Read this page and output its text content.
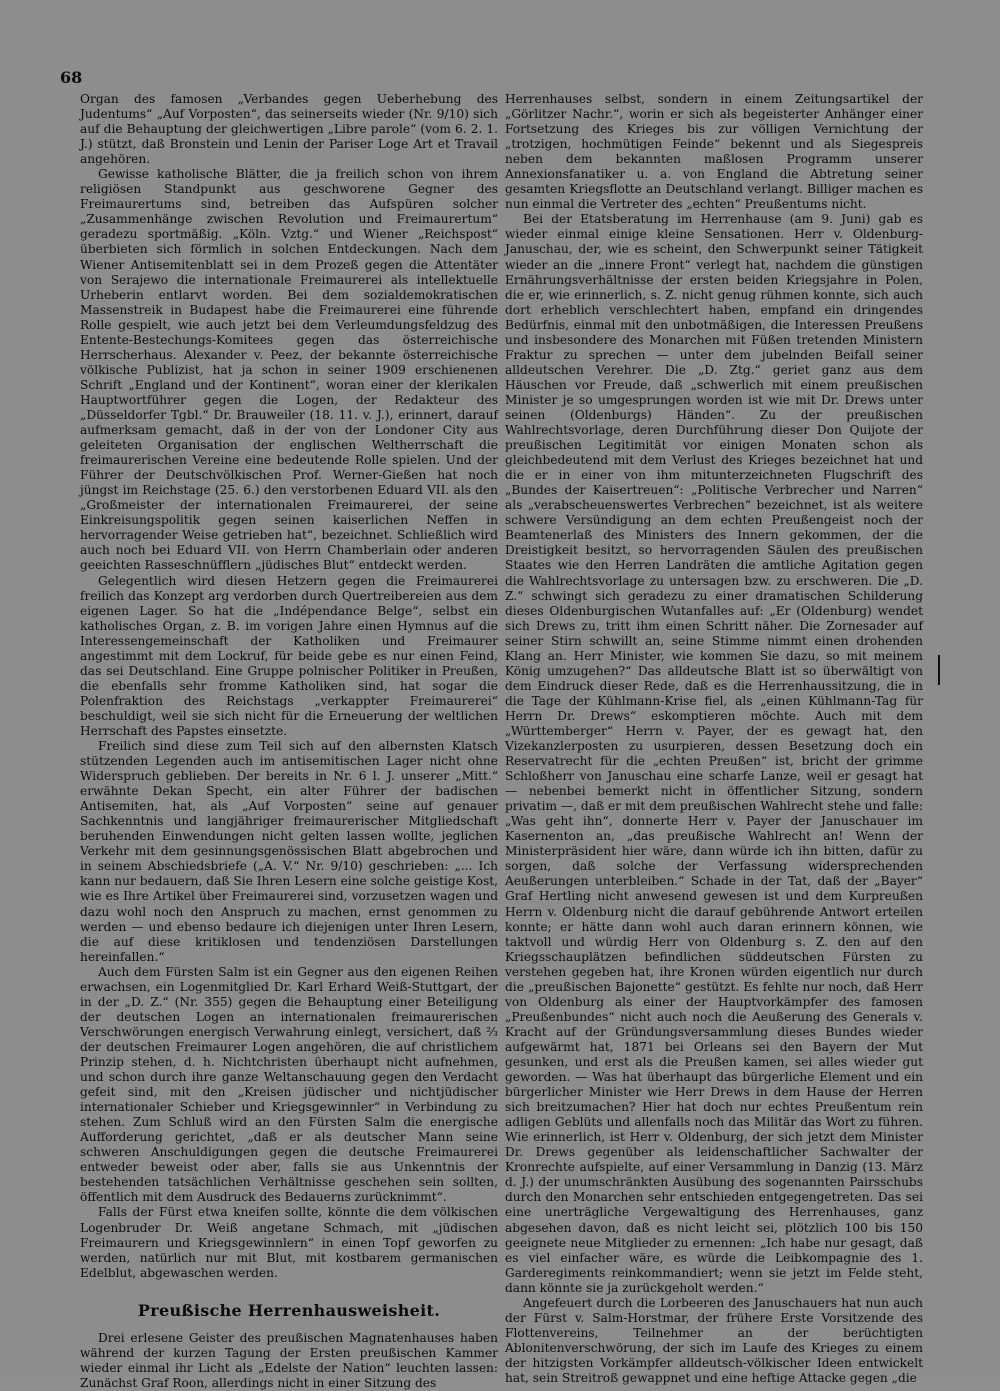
68

Organ des famosen „Verbandes gegen Ueberhebung des Judentums“ „Auf Vorposten“, das seinerseits wieder (Nr. 9/10) sich auf die Behauptung der gleichwertigen „Libre parole“ (vom 6. 2. 1. J.) stützt, daß Bronstein und Lenin der Pariser Loge Art et Travail angehören.

Gewisse katholische Blätter, die ja freilich schon von ihrem religiösen Standpunkt aus geschworene Gegner des Freimaurertums sind, betreiben das Aufspüren solcher „Zusammenhänge zwischen Revolution und Freimaurertum“ geradezu sportmäßig. „Köln. Vztg.“ und Wiener „Reichspost“ überbieten sich förmlich in solchen Entdeckungen. Nach dem Wiener Antisemitenblatt sei in dem Prozeß gegen die Attentäter von Serajewo die internationale Freimaurerei als intellektuelle Urheberin entlarvt worden. Bei dem sozialdemokratischen Massenstreik in Budapest habe die Freimaurerei eine führende Rolle gespielt, wie auch jetzt bei dem Verleumdungsfeldzug des Entente-Bestechungs-Komitees gegen das österreichische Herrscherhaus. Alexander v. Peez, der bekannte österreichische völkische Publizist, hat ja schon in seiner 1909 erschienenen Schrift „England und der Kontinent“, woran einer der klerikalen Hauptwortführer gegen die Logen, der Redakteur des „Düsseldorfer Tgbl.“ Dr. Brauweiler (18. 11. v. J.), erinnert, darauf aufmerksam gemacht, daß in der von der Londoner City aus geleiteten Organisation der englischen Weltherrschaft die freimaurerischen Vereine eine bedeutende Rolle spielen. Und der Führer der Deutschvölkischen Prof. Werner-Gießen hat noch jüngst im Reichstage (25. 6.) den verstorbenen Eduard VII. als den „Großmeister der internationalen Freimaurerei, der seine Einkreisungspolitik gegen seinen kaiserlichen Neffen in hervorragender Weise getrieben hat“, bezeichnet. Schließlich wird auch noch bei Eduard VII. von Herrn Chamberlain oder anderen geeichten Rasseschnüfflern „jüdisches Blut“ entdeckt werden.

Gelegentlich wird diesen Hetzern gegen die Freimaurerei freilich das Konzept arg verdorben durch Quertreibereien aus dem eigenen Lager. So hat die „Indépendance Belge“, selbst ein katholisches Organ, z. B. im vorigen Jahre einen Hymnus auf die Interessengemeinschaft der Katholiken und Freimaurer angestimmt mit dem Lockruf, für beide gebe es nur einen Feind, das sei Deutschland. Eine Gruppe polnischer Politiker in Preußen, die ebenfalls sehr fromme Katholiken sind, hat sogar die Polenfraktion des Reichstags „verkappter Freimaurerei“ beschuldigt, weil sie sich nicht für die Erneuerung der weltlichen Herrschaft des Papstes einsetzte.

Freilich sind diese zum Teil sich auf den albernsten Klatsch stützenden Legenden auch im antisemitischen Lager nicht ohne Widerspruch geblieben. Der bereits in Nr. 6 l. J. unserer „Mitt.“ erwähnte Dekan Specht, ein alter Führer der badischen Antisemiten, hat, als „Auf Vorposten“ seine auf genauer Sachkenntnis und langjähriger freimaurerischer Mitgliedschaft beruhenden Einwendungen nicht gelten lassen wollte, jeglichen Verkehr mit dem gesinnungsgenössischen Blatt abgebrochen und in seinem Abschiedsbriefe („A. V.“ Nr. 9/10) geschrieben: „... Ich kann nur bedauern, daß Sie Ihren Lesern eine solche geistige Kost, wie es Ihre Artikel über Freimaurerei sind, vorzusetzen wagen und dazu wohl noch den Anspruch zu machen, ernst genommen zu werden — und ebenso bedaure ich diejenigen unter Ihren Lesern, die auf diese kritiklosen und tendenziösen Darstellungen hereinfallen.“

Auch dem Fürsten Salm ist ein Gegner aus den eigenen Reihen erwachsen, ein Logenmitglied Dr. Karl Erhard Weiß-Stuttgart, der in der „D. Z.“ (Nr. 355) gegen die Behauptung einer Beteiligung der deutschen Logen an internationalen freimaurerischen Verschwörungen energisch Verwahrung einlegt, versichert, daß ⅔ der deutschen Freimaurer Logen angehören, die auf christlichem Prinzip stehen, d. h. Nichtchristen überhaupt nicht aufnehmen, und schon durch ihre ganze Weltanschauung gegen den Verdacht gefeit sind, mit den „Kreisen jüdischer und nichtjüdischer internationaler Schieber und Kriegsgewinnler“ in Verbindung zu stehen. Zum Schluß wird an den Fürsten Salm die energische Aufforderung gerichtet, „daß er als deutscher Mann seine schweren Anschuldigungen gegen die deutsche Freimaurerei entweder beweist oder aber, falls sie aus Unkenntnis der bestehenden tatsächlichen Verhältnisse geschehen sein sollten, öffentlich mit dem Ausdruck des Bedauerns zurücknimmt“.

Falls der Fürst etwa kneifen sollte, könnte die dem völkischen Logenbruder Dr. Weiß angetane Schmach, mit „jüdischen Freimaurern und Kriegsgewinnlern“ in einen Topf geworfen zu werden, natürlich nur mit Blut, mit kostbarem germanischen Edelblut, abgewaschen werden.

Preußische Herrenhausweisheit.

Drei erlesene Geister des preußischen Magnatenhauses haben während der kurzen Tagung der Ersten preußischen Kammer wieder einmal ihr Licht als „Edelste der Nation“ leuchten lassen: Zunächst Graf Roon, allerdings nicht in einer Sitzung des

Herrenhauses selbst, sondern in einem Zeitungsartikel der „Görlitzer Nachr.“, worin er sich als begeisterter Anhänger einer Fortsetzung des Krieges bis zur völligen Vernichtung der „trotzigen, hochmütigen Feinde“ bekennt und als Siegespreis neben dem bekannten maßlosen Programm unserer Annexionsfanatiker u. a. von England die Abtretung seiner gesamten Kriegsflotte an Deutschland verlangt. Billiger machen es nun einmal die Vertreter des „echten“ Preußentums nicht.

Bei der Etatsberatung im Herrenhause (am 9. Juni) gab es wieder einmal einige kleine Sensationen. Herr v. Oldenburg-Januschau, der, wie es scheint, den Schwerpunkt seiner Tätigkeit wieder an die „innere Front“ verlegt hat, nachdem die günstigen Ernährungsverhältnisse der ersten beiden Kriegsjahre in Polen, die er, wie erinnerlich, s. Z. nicht genug rühmen konnte, sich auch dort erheblich verschlechtert haben, empfand ein dringendes Bedürfnis, einmal mit den unbotmäßigen, die Interessen Preußens und insbesondere des Monarchen mit Füßen tretenden Ministern Fraktur zu sprechen — unter dem jubelnden Beifall seiner alldeutschen Verehrer. Die „D. Ztg.“ geriet ganz aus dem Häuschen vor Freude, daß „schwerlich mit einem preußischen Minister je so umgesprungen worden ist wie mit Dr. Drews unter seinen (Oldenburgs) Händen“. Zu der preußischen Wahlrechtsvorlage, deren Durchführung dieser Don Quijote der preußischen Legitimität vor einigen Monaten schon als gleichbedeutend mit dem Verlust des Krieges bezeichnet hat und die er in einer von ihm mitunterzeichneten Flugschrift des „Bundes der Kaisertreuen“: „Politische Verbrecher und Narren“ als „verabscheuenswertes Verbrechen“ bezeichnet, ist als weitere schwere Versündigung an dem echten Preußengeist noch der Beamtenerlaß des Ministers des Innern gekommen, der die Dreistigkeit besitzt, so hervorragenden Säulen des preußischen Staates wie den Herren Landräten die amtliche Agitation gegen die Wahlrechtsvorlage zu untersagen bzw. zu erschweren. Die „D. Z.“ schwingt sich geradezu zu einer dramatischen Schilderung dieses Oldenburgischen Wutanfalles auf: „Er (Oldenburg) wendet sich Drews zu, tritt ihm einen Schritt näher. Die Zornesader auf seiner Stirn schwillt an, seine Stimme nimmt einen drohenden Klang an. Herr Minister, wie kommen Sie dazu, so mit meinem König umzugehen?“ Das alldeutsche Blatt ist so überwältigt von dem Eindruck dieser Rede, daß es die Herrenhaussitzung, die in die Tage der Kühlmann-Krise fiel, als „einen Kühlmann-Tag für Herrn Dr. Drews“ eskomptieren möchte. Auch mit dem „Württemberger“ Herrn v. Payer, der es gewagt hat, den Vizekanzlerposten zu usurpieren, dessen Besetzung doch ein Reservatrecht für die „echten Preußen“ ist, bricht der grimme Schloßherr von Januschau eine scharfe Lanze, weil er gesagt hat — nebenbei bemerkt nicht in öffentlicher Sitzung, sondern privatim —, daß er mit dem preußischen Wahlrecht stehe und falle: „Was geht ihn“, donnerte Herr v. Payer der Januschauer im Kasernenton an, „das preußische Wahlrecht an! Wenn der Ministerpräsident hier wäre, dann würde ich ihn bitten, dafür zu sorgen, daß solche der Verfassung widersprechenden Aeußerungen unterbleiben.“ Schade in der Tat, daß der „Bayer“ Graf Hertling nicht anwesend gewesen ist und dem Kurpreußen Herrn v. Oldenburg nicht die darauf gebührende Antwort erteilen konnte; er hätte dann wohl auch daran erinnern können, wie taktvoll und würdig Herr von Oldenburg s. Z. den auf den Kriegsschauplätzen befindlichen süddeutschen Fürsten zu verstehen gegeben hat, ihre Kronen würden eigentlich nur durch die „preußischen Bajonette“ gestützt. Es fehlte nur noch, daß Herr von Oldenburg als einer der Hauptvorkämpfer des famosen „Preußenbundes“ nicht auch noch die Aeußerung des Generals v. Kracht auf der Gründungsversammlung dieses Bundes wieder aufgewärmt hat, 1871 bei Orleans sei den Bayern der Mut gesunken, und erst als die Preußen kamen, sei alles wieder gut geworden. — Was hat überhaupt das bürgerliche Element und ein bürgerlicher Minister wie Herr Drews in dem Hause der Herren sich breitzumachen? Hier hat doch nur echtes Preußentum rein adligen Geblüts und allenfalls noch das Militär das Wort zu führen. Wie erinnerlich, ist Herr v. Oldenburg, der sich jetzt dem Minister Dr. Drews gegenüber als leidenschaftlicher Sachwalter der Kronrechte aufspielte, auf einer Versammlung in Danzig (13. März d. J.) der unumschränkten Ausübung des sogenannten Pairsschubs durch den Monarchen sehr entschieden entgegengetreten. Das sei eine unerträgliche Vergewaltigung des Herrenhauses, ganz abgesehen davon, daß es nicht leicht sei, plötzlich 100 bis 150 geeignete neue Mitglieder zu ernennen: „Ich habe nur gesagt, daß es viel einfacher wäre, es würde die Leibkompagnie des 1. Garderegiments reinkommandiert; wenn sie jetzt im Felde steht, dann könnte sie ja zurückgeholt werden.“

Angefeuert durch die Lorbeeren des Januschauers hat nun auch der Fürst v. Salm-Horstmar, der frühere Erste Vorsitzende des Flottenvereins, Teilnehmer an der berüchtigten Ablonitenverschwörung, der sich im Laufe des Krieges zu einem der hitzigsten Vorkämpfer alldeutsch-völkischer Ideen entwickelt hat, sein Streitroß gewappnet und eine heftige Attacke gegen „die
